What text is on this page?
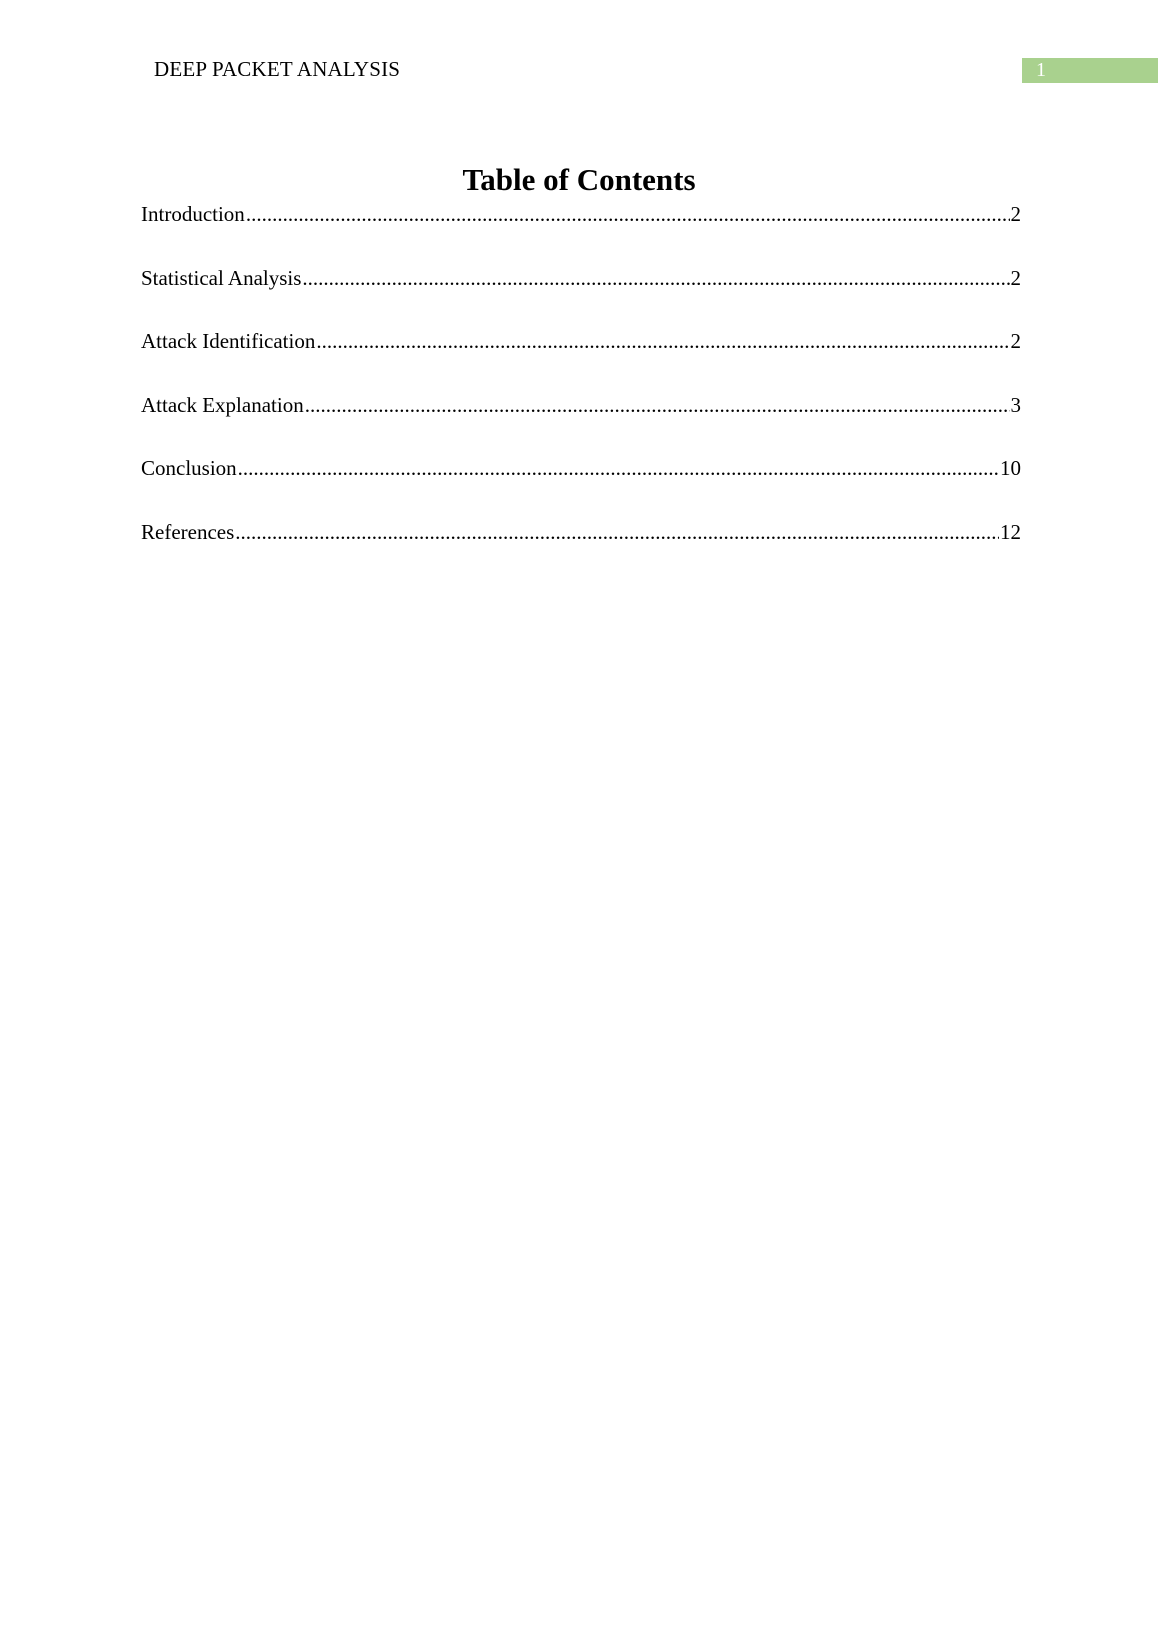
DEEP PACKET ANALYSIS	1
Table of Contents
Introduction .....	2
Statistical Analysis .....	2
Attack Identification .....	2
Attack Explanation .....	3
Conclusion .....	10
References .....	12
